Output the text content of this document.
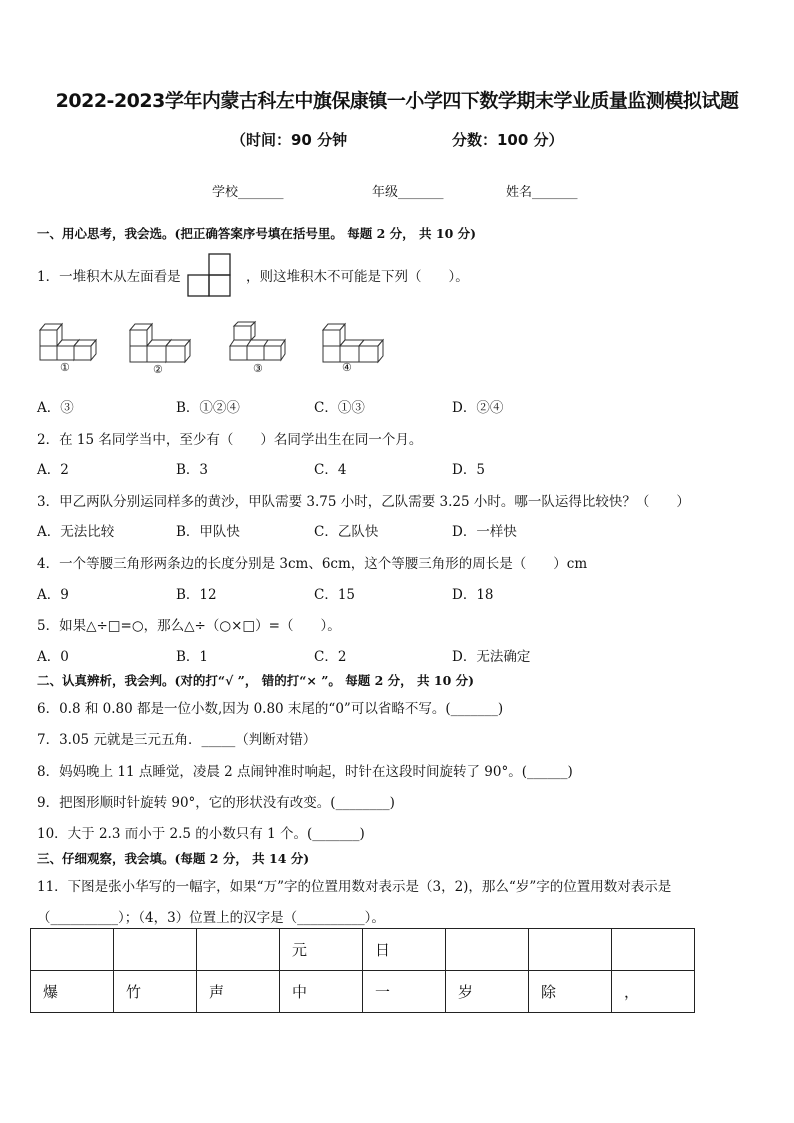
2022-2023学年内蒙古科左中旗保康镇一小学四下数学期末学业质量监测模拟试题
（时间：90 分钟	分数：100 分）
学校_______	年级_______	姓名_______
一、用心思考，我会选。(把正确答案序号填在括号里。 每题 2 分， 共 10 分)
1．一堆积木从左面看是	，则这堆积木不可能是下列（　　）。
①	②	③	④
A．③	B．①②④	C．①③	D．②④
2．在 15 名同学当中，至少有（　　）名同学出生在同一个月。
A．2	B．3	C．4	D．5
3．甲乙两队分别运同样多的黄沙，甲队需要 3.75 小时，乙队需要 3.25 小时。哪一队运得比较快？（　　）
A．无法比较	B．甲队快	C．乙队快	D．一样快
4．一个等腰三角形两条边的长度分别是 3cm、6cm，这个等腰三角形的周长是（　　）cm
A．9	B．12	C．15	D．18
5．如果△÷□=○，那么△÷（○×□）=（　　）。
A．0	B．1	C．2	D．无法确定
二、认真辨析，我会判。(对的打“√ ”， 错的打“× ”。 每题 2 分， 共 10 分)
6．0.8 和 0.80 都是一位小数,因为 0.80 末尾的“0”可以省略不写。(_______)
7．3.05 元就是三元五角．_____（判断对错）
8．妈妈晚上 11 点睡觉，凌晨 2 点闹钟准时响起，时针在这段时间旋转了 90°。(______)
9．把图形顺时针旋转 90°，它的形状没有改变。(________)
10．大于 2.3 而小于 2.5 的小数只有 1 个。(_______)
三、仔细观察，我会填。(每题 2 分， 共 14 分)
11．下图是张小华写的一幅字，如果“万”字的位置用数对表示是（3，2)，那么“岁”字的位置用数对表示是
（__________）；（4，3）位置上的汉字是（__________）。
			元	日			
爆	竹	声	中	一	岁	除	，
